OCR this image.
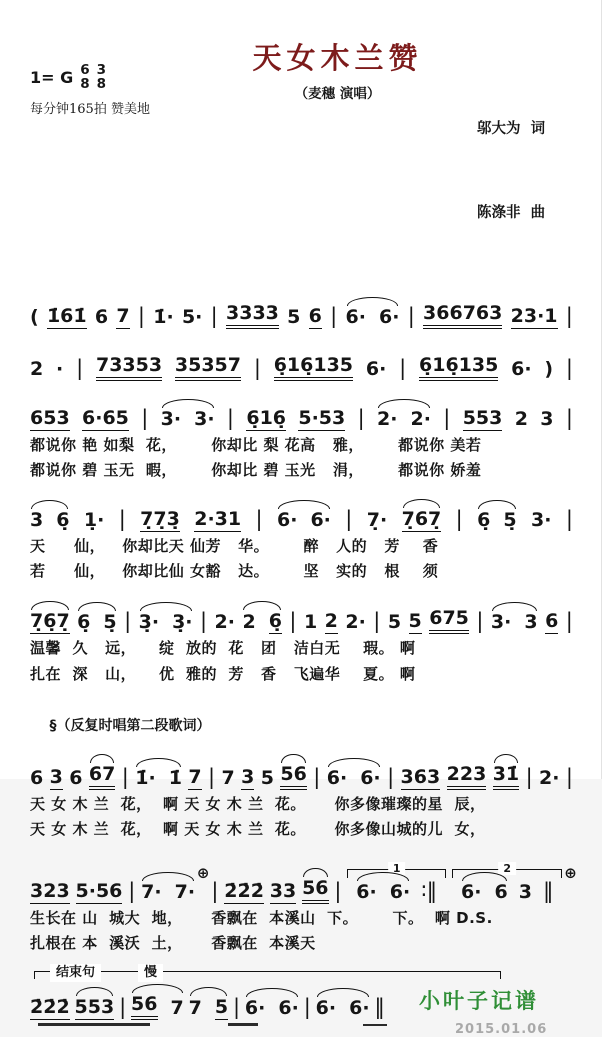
1= G 6
8
3
8
每分钟165拍 赞美地
天女木兰赞
（麦穗 演唱）

邬大为  词

陈涤非  曲

( 1̇61̇ 6 7 | 1̇· 5· | 3333 5 6 | 6· 6· | 366763 23·1 |
2 · | 73353 35357 | 6̣16̣135 6· | 6̣16̣135 6· ) |
653 6·65 | 3· 3· | 6̣16̣ 5·53 | 2· 2· | 553 2 3 |
都说你 艳 如梨  花，      你却比 梨 花高   雅，      都说你 美若
都说你 碧 玉无  暇，      你却比 碧 玉光   涓，      都说你 娇羞
3 6̣ 1̣· | 7̣7̣3̣ 2·31 | 6· 6· | 7̣· 7̣67̣ | 6̣ 5̣ 3· |
天     仙，   你却比天 仙芳   华。      醉   人的   芳    香
若     仙，   你却比仙 女豁   达。      坚   实的   根    须
7̣6̣7̣ 6̣ 5̣ | 3̣· 3̣· | 2· 2 6̣ | 1 2 2· | 5 5 675 | 3· 3 6 |
温馨  久   远，    绽  放的  花   团   洁白无    瑕。 啊
扎在  深   山，    优  雅的  芳   香   飞遍华    夏。 啊

§（反复时唱第二段歌词）

6 3 6 67 | 1̇· 1̇ 7 | 7 3 5 56 | 6· 6· | 363 223 31̇ | 2· |
天 女 木 兰  花，  啊 天 女 木 兰  花。     你多像璀璨的星  辰，
天 女 木 兰  花，  啊 天 女 木 兰  花。     你多像山城的儿  女，
323 5·56 | 7· 7·
⊕
| 2̇2̇2̇ 33 56 |
1
6· 6· ∶‖
2
6· 6 3 ‖
⊕
生长在 山  城大  地，     香飘在  本溪山  下。      下。  啊 D.S.
扎根在 本  溪沃  土，     香飘在  本溪天
结束句	慢
2̇2̇2̇ 553 | 56 7 7 5 | 6· 6· | 6· 6· ‖	小叶子记谱
2015.01.06
